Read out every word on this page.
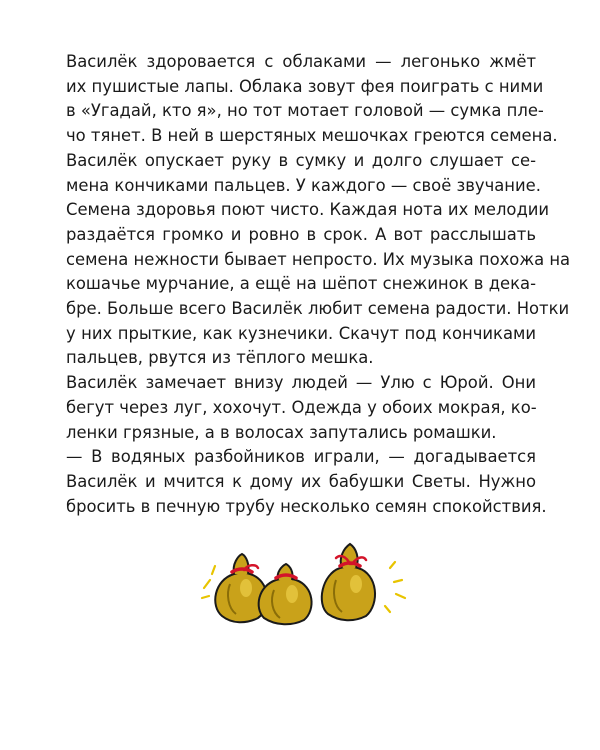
Василёк здоровается с облаками — легонько жмёт
их пушистые лапы. Облака зовут фея поиграть с ними
в «Угадай, кто я», но тот мотает головой — сумка пле-
чо тянет. В ней в шерстяных мешочках греются семена.
Василёк опускает руку в сумку и долго слушает се-
мена кончиками пальцев. У каждого — своё звучание.
Семена здоровья поют чисто. Каждая нота их мелодии
раздаётся громко и ровно в срок. А вот расслышать
семена нежности бывает непросто. Их музыка похожа на
кошачье мурчание, а ещё на шёпот снежинок в дека-
бре. Больше всего Василёк любит семена радости. Нотки
у них прыткие, как кузнечики. Скачут под кончиками
пальцев, рвутся из тёплого мешка.
Василёк замечает внизу людей — Улю с Юрой. Они
бегут через луг, хохочут. Одежда у обоих мокрая, ко-
ленки грязные, а в волосах запутались ромашки.
— В водяных разбойников играли, — догадывается
Василёк и мчится к дому их бабушки Светы. Нужно
бросить в печную трубу несколько семян спокойствия.
